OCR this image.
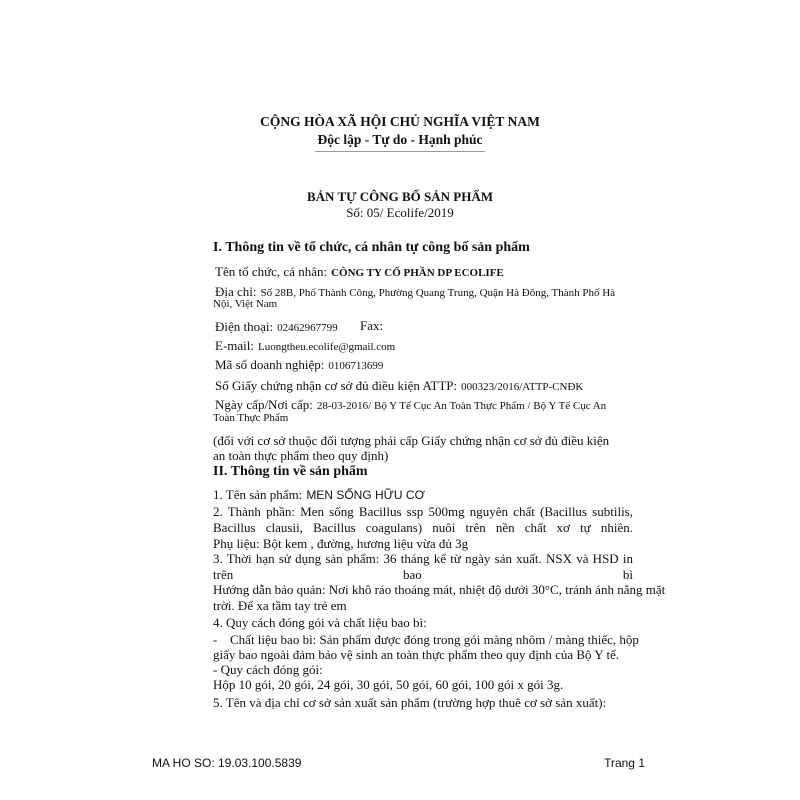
CỘNG HÒA XÃ HỘI CHỦ NGHĨA VIỆT NAM
Độc lập - Tự do - Hạnh phúc
BẢN TỰ CÔNG BỐ SẢN PHẨM
Số: 05/ Ecolife/2019
I. Thông tin về tổ chức, cá nhân tự công bố sản phẩm
Tên tổ chức, cá nhân: CÔNG TY CỔ PHẦN DP ECOLIFE
Địa chỉ: Số 28B, Phố Thành Công, Phường Quang Trung, Quận Hà Đông, Thành Phố Hà
Nội, Việt Nam
Điện thoại: 02462967799 Fax:
E-mail: Luongtheu.ecolife@gmail.com
Mã số doanh nghiệp: 0106713699
Số Giấy chứng nhận cơ sở đủ điều kiện ATTP: 000323/2016/ATTP-CNĐK
Ngày cấp/Nơi cấp: 28-03-2016/ Bộ Y Tế Cục An Toàn Thực Phẩm / Bộ Y Tế Cục An
Toàn Thực Phẩm
(đối với cơ sở thuộc đối tượng phải cấp Giấy chứng nhận cơ sở đủ điều kiện
an toàn thực phẩm theo quy định)
II. Thông tin về sản phẩm
1. Tên sản phẩm: MEN SỐNG HỮU CƠ
2. Thành phần: Men sống Bacillus ssp 500mg nguyên chất (Bacillus subtilis,
Bacillus clausii, Bacillus coagulans) nuôi trên nền chất xơ tự nhiên.
Phụ liệu: Bột kem , đường, hương liệu vừa đủ 3g
3. Thời hạn sử dụng sản phẩm: 36 tháng kể từ ngày sản xuất. NSX và HSD in
trên	bao	bì
Hướng dẫn bảo quản: Nơi khô ráo thoáng mát, nhiệt độ dưới 30°C, tránh ánh nắng mặt
trời. Để xa tầm tay trẻ em
4. Quy cách đóng gói và chất liệu bao bì:
- Chất liệu bao bì: Sản phẩm được đóng trong gói màng nhôm / màng thiếc, hộp
giấy bao ngoài đảm bảo vệ sinh an toàn thực phẩm theo quy định của Bộ Y tế.
- Quy cách đóng gói:
Hộp 10 gói, 20 gói, 24 gói, 30 gói, 50 gói, 60 gói, 100 gói x gói 3g.
5. Tên và địa chỉ cơ sở sản xuất sản phẩm (trường hợp thuê cơ sở sản xuất):
MA HO SO: 19.03.100.5839	Trang 1
